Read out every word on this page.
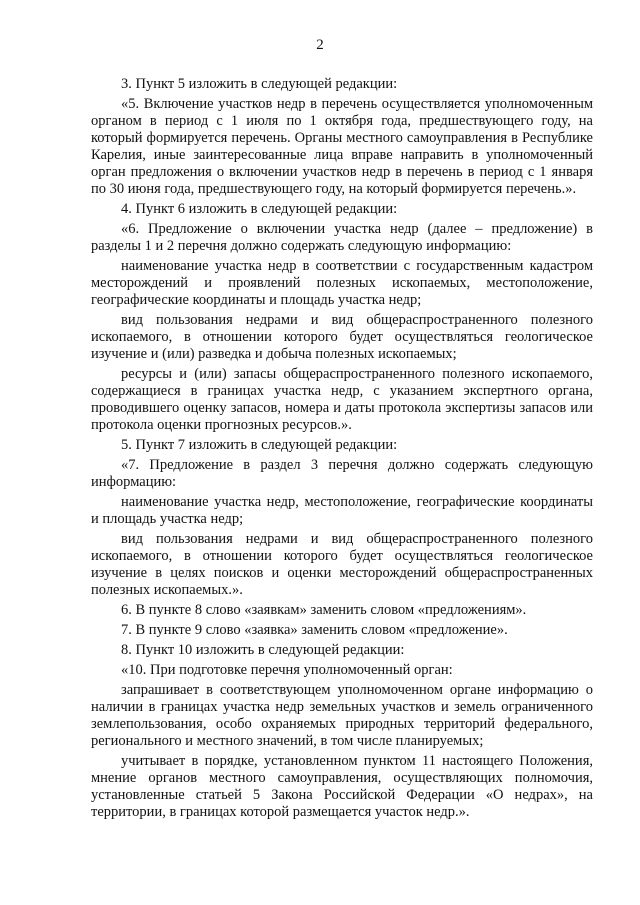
2

3. Пункт 5 изложить в следующей редакции:

«5. Включение участков недр в перечень осуществляется уполномоченным органом в период с 1 июля по 1 октября года, предшествующего году, на который формируется перечень. Органы местного самоуправления в Республике Карелия, иные заинтересованные лица вправе направить в уполномоченный орган предложения о включении участков недр в перечень в период с 1 января по 30 июня года, предшествующего году, на который формируется перечень.».

4. Пункт 6 изложить в следующей редакции:

«6. Предложение о включении участка недр (далее – предложение) в разделы 1 и 2 перечня должно содержать следующую информацию:

наименование участка недр в соответствии с государственным кадастром месторождений и проявлений полезных ископаемых, местоположение, географические координаты и площадь участка недр;

вид пользования недрами и вид общераспространенного полезного ископаемого, в отношении которого будет осуществляться геологическое изучение и (или) разведка и добыча полезных ископаемых;

ресурсы и (или) запасы общераспространенного полезного ископаемого, содержащиеся в границах участка недр, с указанием экспертного органа, проводившего оценку запасов, номера и даты протокола экспертизы запасов или протокола оценки прогнозных ресурсов.».

5. Пункт 7 изложить в следующей редакции:

«7. Предложение в раздел 3 перечня должно содержать следующую информацию:

наименование участка недр, местоположение, географические координаты и площадь участка недр;

вид пользования недрами и вид общераспространенного полезного ископаемого, в отношении которого будет осуществляться геологическое изучение в целях поисков и оценки месторождений общераспространенных полезных ископаемых.».

6. В пункте 8 слово «заявкам» заменить словом «предложениям».

7. В пункте 9 слово «заявка» заменить словом «предложение».

8. Пункт 10 изложить в следующей редакции:

«10. При подготовке перечня уполномоченный орган:

запрашивает в соответствующем уполномоченном органе информацию о наличии в границах участка недр земельных участков и земель ограниченного землепользования, особо охраняемых природных территорий федерального, регионального и местного значений, в том числе планируемых;

учитывает в порядке, установленном пунктом 11 настоящего Положения, мнение органов местного самоуправления, осуществляющих полномочия, установленные статьей 5 Закона Российской Федерации «О недрах», на территории, в границах которой размещается участок недр.».
